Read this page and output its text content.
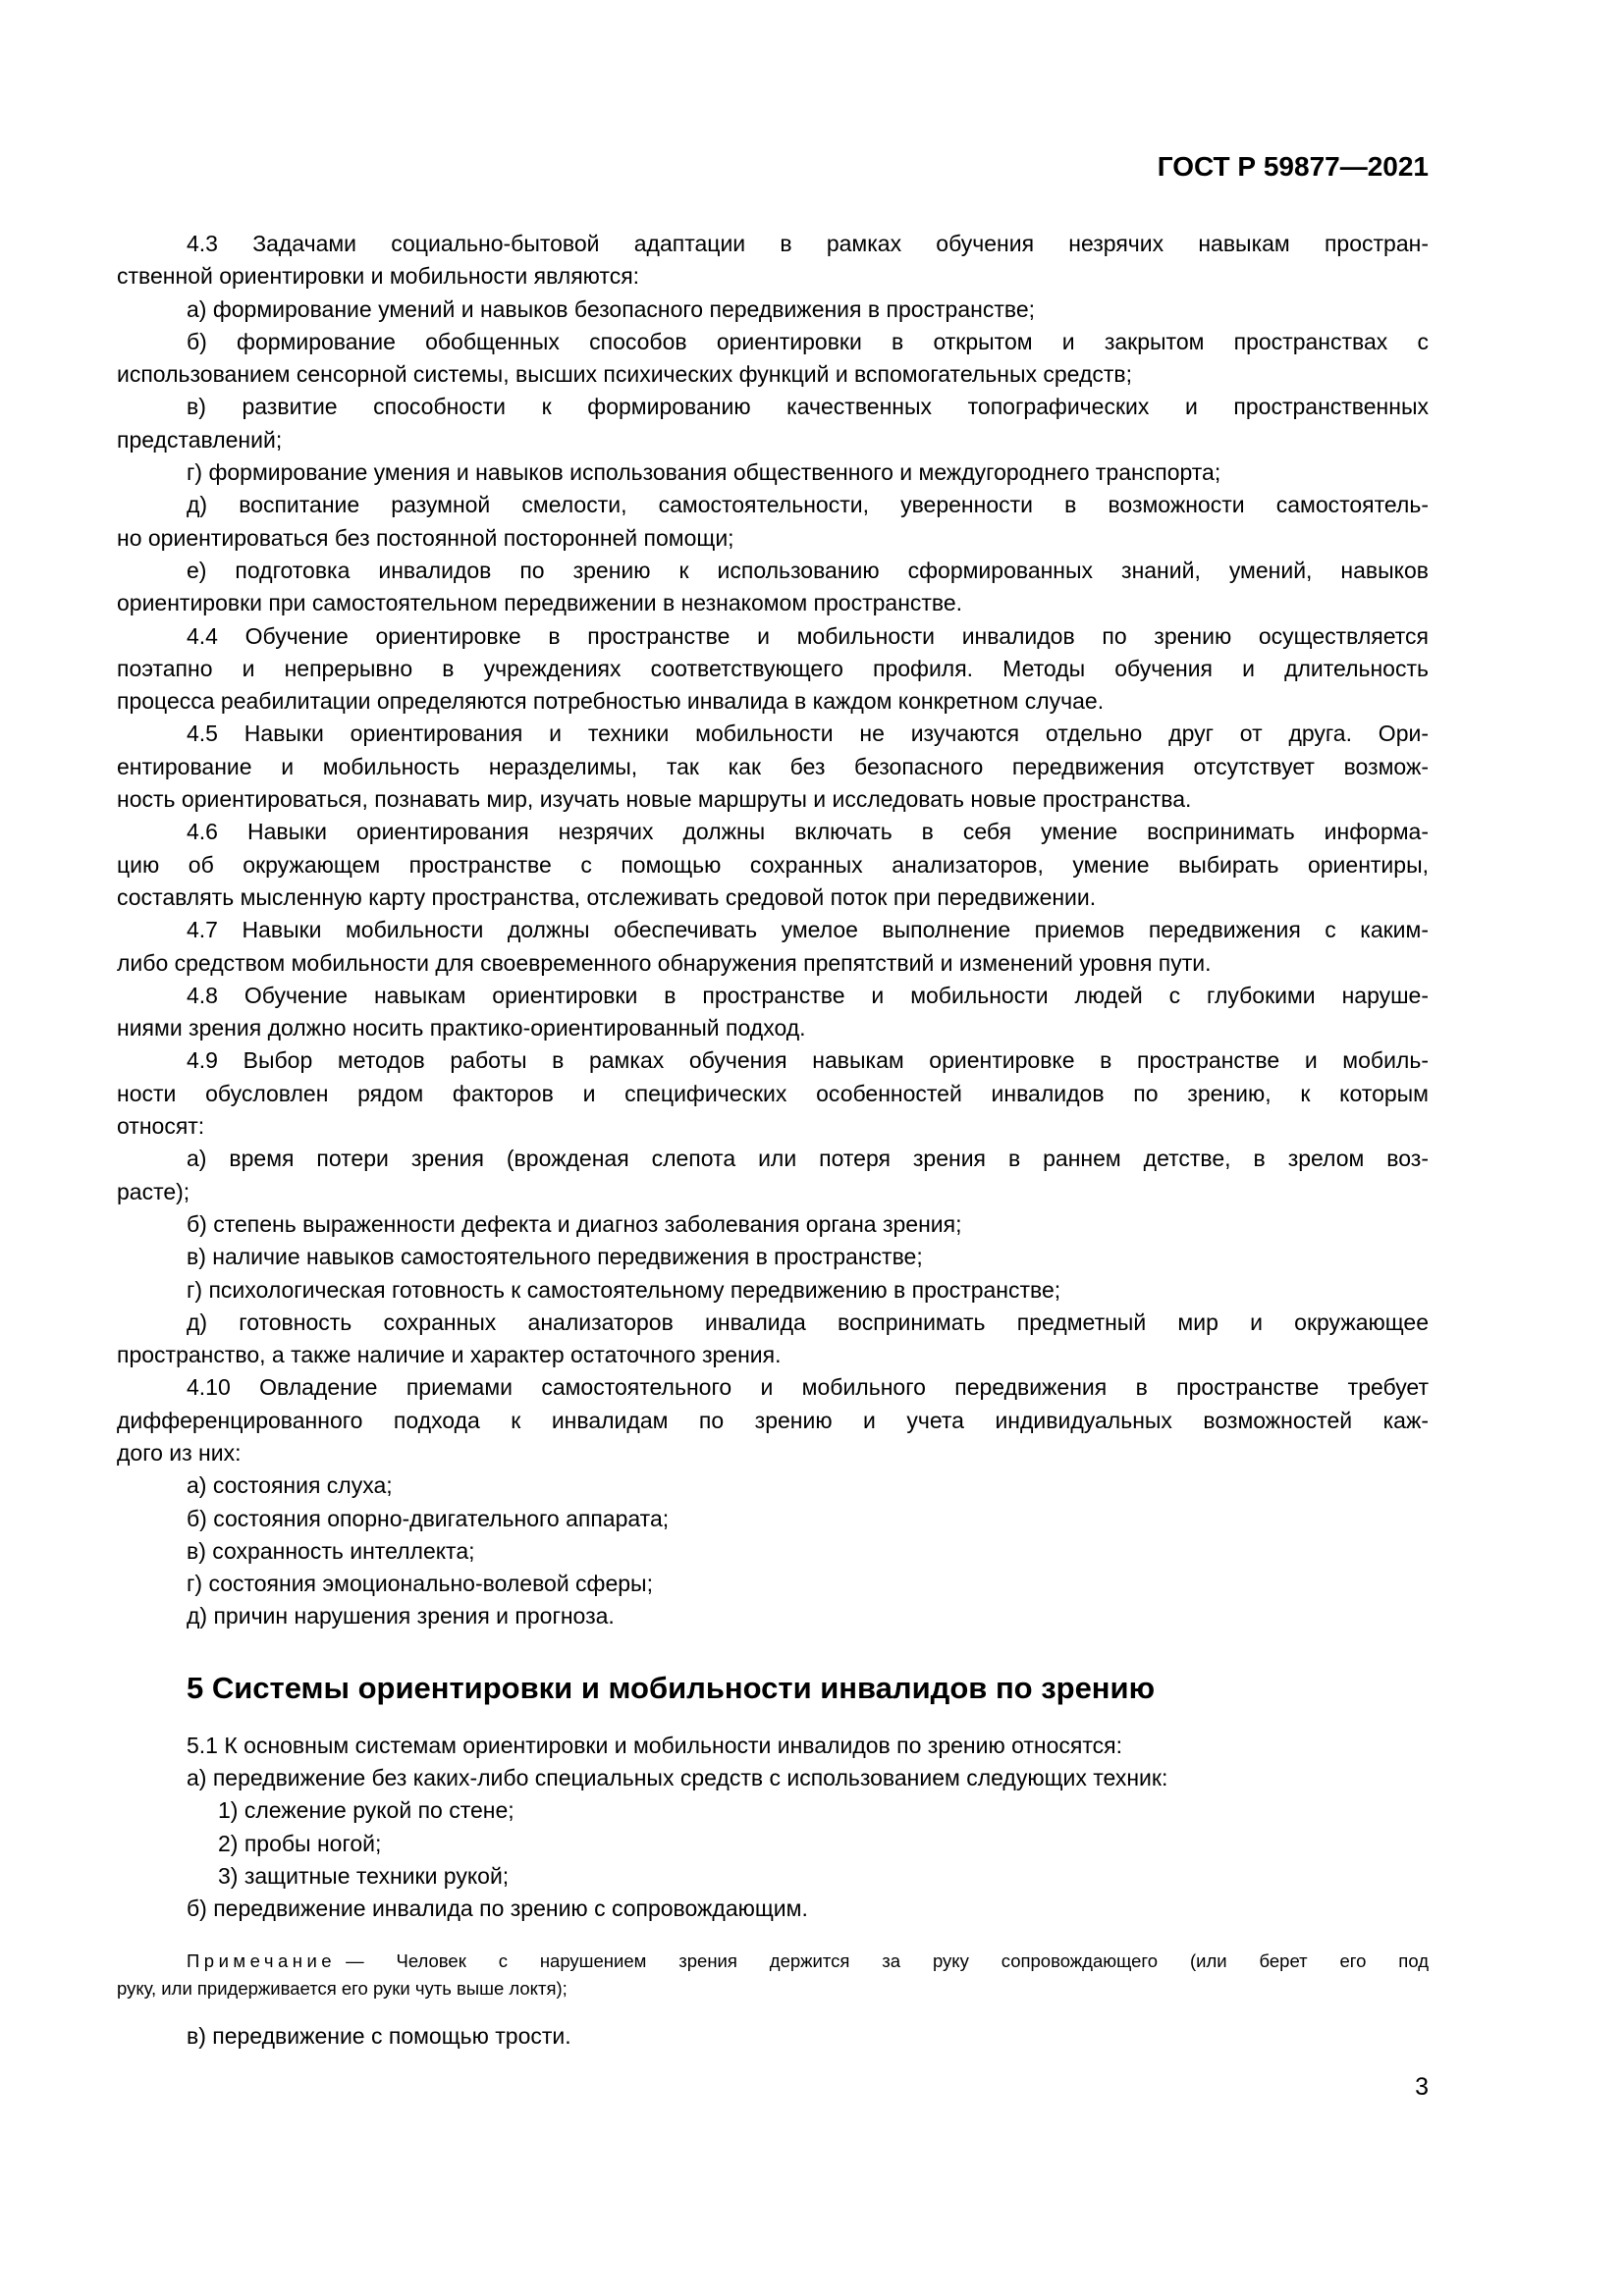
ГОСТ Р 59877—2021
4.3 Задачами социально-бытовой адаптации в рамках обучения незрячих навыкам простран-
ственной ориентировки и мобильности являются:
а) формирование умений и навыков безопасного передвижения в пространстве;
б) формирование обобщенных способов ориентировки в открытом и закрытом пространствах с
использованием сенсорной системы, высших психических функций и вспомогательных средств;
в) развитие способности к формированию качественных топографических и пространственных
представлений;
г) формирование умения и навыков использования общественного и междугороднего транспорта;
д) воспитание разумной смелости, самостоятельности, уверенности в возможности самостоятель-
но ориентироваться без постоянной посторонней помощи;
е) подготовка инвалидов по зрению к использованию сформированных знаний, умений, навыков
ориентировки при самостоятельном передвижении в незнакомом пространстве.
4.4 Обучение ориентировке в пространстве и мобильности инвалидов по зрению осуществляется
поэтапно и непрерывно в учреждениях соответствующего профиля. Методы обучения и длительность
процесса реабилитации определяются потребностью инвалида в каждом конкретном случае.
4.5 Навыки ориентирования и техники мобильности не изучаются отдельно друг от друга. Ори-
ентирование и мобильность неразделимы, так как без безопасного передвижения отсутствует возмож-
ность ориентироваться, познавать мир, изучать новые маршруты и исследовать новые пространства.
4.6 Навыки ориентирования незрячих должны включать в себя умение воспринимать информа-
цию об окружающем пространстве с помощью сохранных анализаторов, умение выбирать ориентиры,
составлять мысленную карту пространства, отслеживать средовой поток при передвижении.
4.7 Навыки мобильности должны обеспечивать умелое выполнение приемов передвижения с каким-
либо средством мобильности для своевременного обнаружения препятствий и изменений уровня пути.
4.8 Обучение навыкам ориентировки в пространстве и мобильности людей с глубокими наруше-
ниями зрения должно носить практико-ориентированный подход.
4.9 Выбор методов работы в рамках обучения навыкам ориентировке в пространстве и мобиль-
ности обусловлен рядом факторов и специфических особенностей инвалидов по зрению, к которым
относят:
а) время потери зрения (врожденая слепота или потеря зрения в раннем детстве, в зрелом воз-
расте);
б) степень выраженности дефекта и диагноз заболевания органа зрения;
в) наличие навыков самостоятельного передвижения в пространстве;
г) психологическая готовность к самостоятельному передвижению в пространстве;
д) готовность сохранных анализаторов инвалида воспринимать предметный мир и окружающее
пространство, а также наличие и характер остаточного зрения.
4.10 Овладение приемами самостоятельного и мобильного передвижения в пространстве требует
дифференцированного подхода к инвалидам по зрению и учета индивидуальных возможностей каж-
дого из них:
а) состояния слуха;
б) состояния опорно-двигательного аппарата;
в) сохранность интеллекта;
г) состояния эмоционально-волевой сферы;
д) причин нарушения зрения и прогноза.
5 Системы ориентировки и мобильности инвалидов по зрению
5.1 К основным системам ориентировки и мобильности инвалидов по зрению относятся:
а) передвижение без каких-либо специальных средств с использованием следующих техник:
1) слежение рукой по стене;
2) пробы ногой;
3) защитные техники рукой;
б) передвижение инвалида по зрению с сопровождающим.
Примечание — Человек с нарушением зрения держится за руку сопровождающего (или берет его под
руку, или придерживается его руки чуть выше локтя);
в) передвижение с помощью трости.
3
